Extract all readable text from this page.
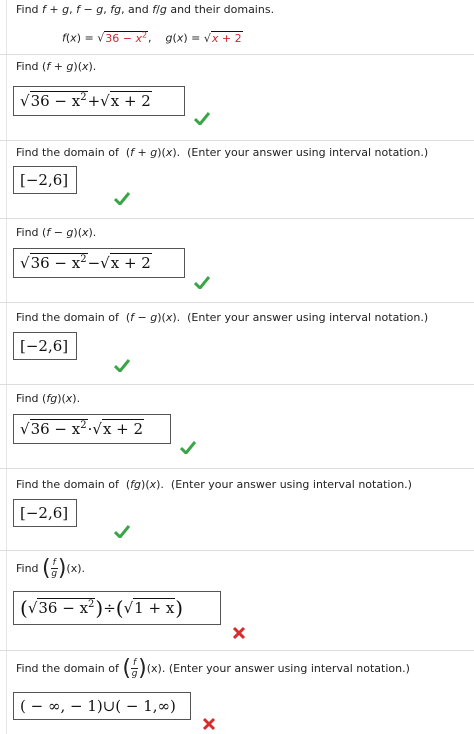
Find f + g, f − g, fg, and f/g and their domains.
$f(x) = √36 - x^2$,    g(x) = √x + 2
Find (f + g)(x).
√ $36 - x^2$ + √ x + 2
Find the domain of  (f + g)(x).  (Enter your answer using interval notation.)
[−2,6]
Find (f − g)(x).
√ $36 - x^2$ − √ x + 2
Find the domain of  (f − g)(x).  (Enter your answer using interval notation.)
[−2,6]
Find (fg)(x).
√ $36 - x^2$ · √ x + 2
Find the domain of  (fg)(x).  (Enter your answer using interval notation.)
[−2,6]
Find
( $\frac{f}{g}$ ) (x).
( √ $36 - x^2$ ) ÷ ( √ 1 + x )
Find the domain of
( $\frac{f}{g}$ ) (x). (Enter your answer using interval notation.)
( − ∞, − 1)∪( − 1,∞)
